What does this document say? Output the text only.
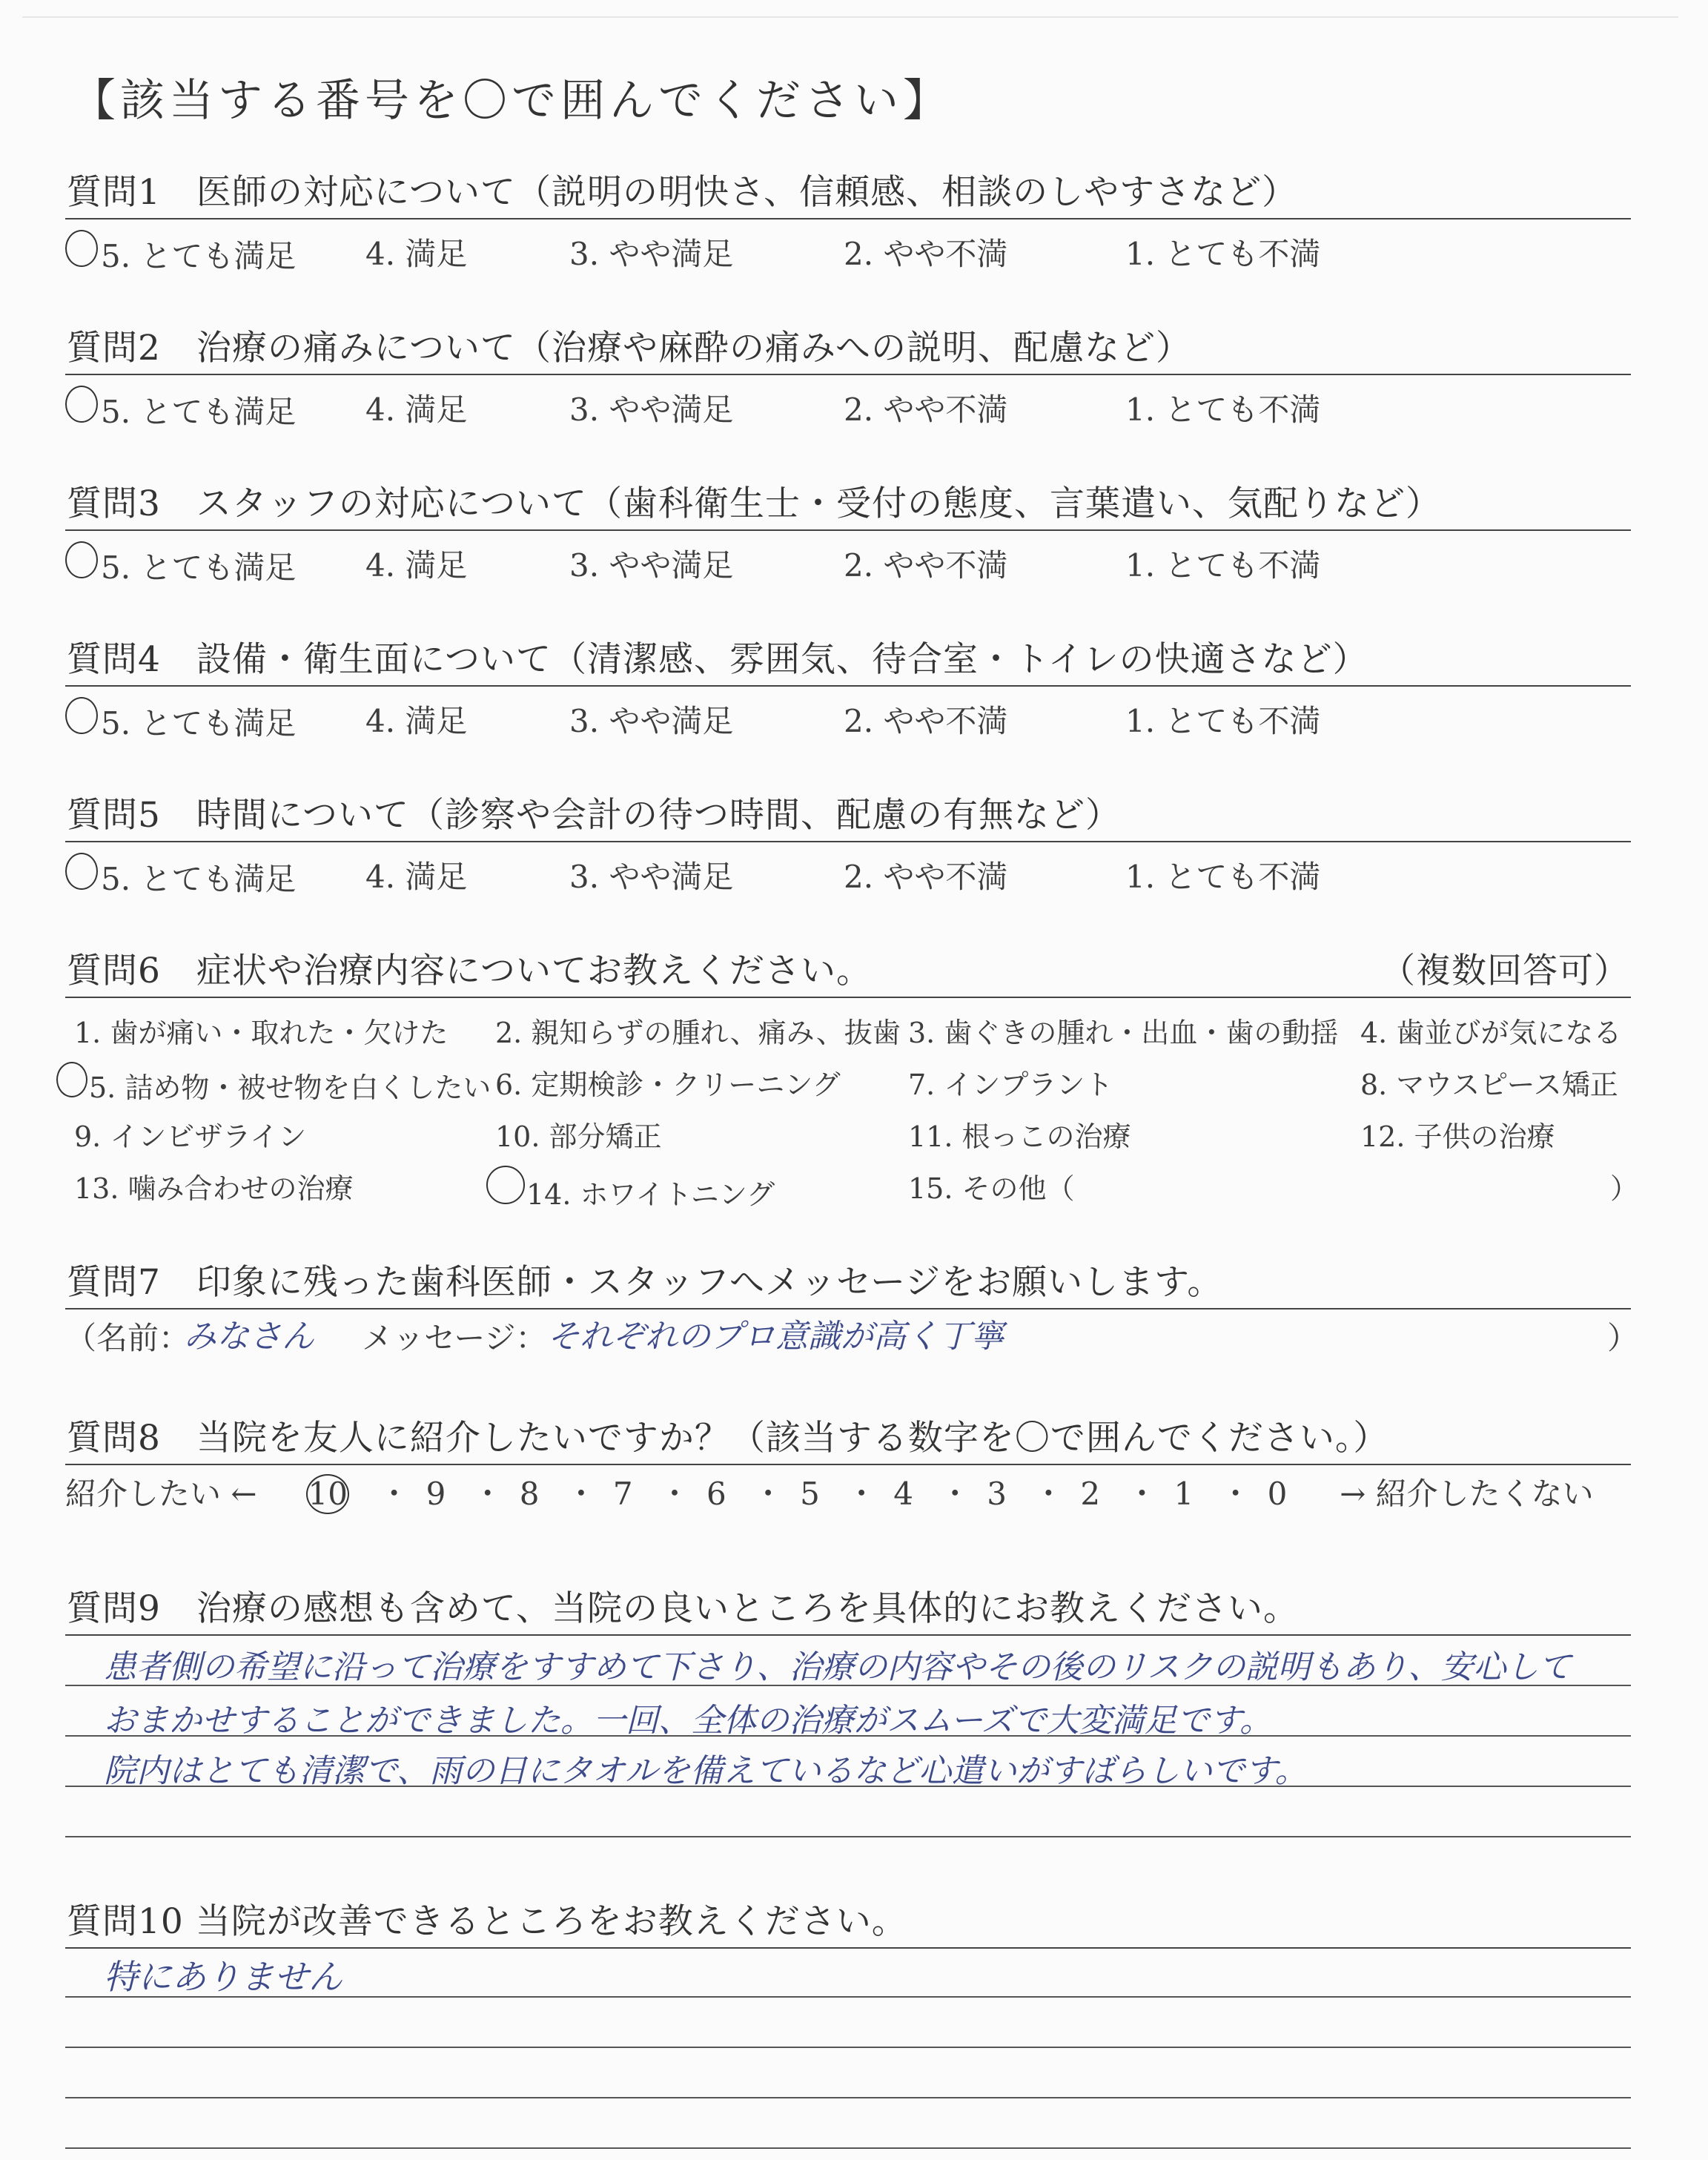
【該当する番号を〇で囲んでください】
質問1　医師の対応について（説明の明快さ、信頼感、相談のしやすさなど）
5. とても満足 4. 満足	3. やや満足	2. やや不満	1. とても不満
質問2　治療の痛みについて（治療や麻酔の痛みへの説明、配慮など）
5. とても満足 4. 満足	3. やや満足	2. やや不満	1. とても不満
質問3　スタッフの対応について（歯科衛生士・受付の態度、言葉遣い、気配りなど）
5. とても満足 4. 満足	3. やや満足	2. やや不満	1. とても不満
質問4　設備・衛生面について（清潔感、雰囲気、待合室・トイレの快適さなど）
5. とても満足 4. 満足	3. やや満足	2. やや不満	1. とても不満
質問5　時間について（診察や会計の待つ時間、配慮の有無など）
5. とても満足 4. 満足	3. やや満足	2. やや不満	1. とても不満
質問6　症状や治療内容についてお教えください。	（複数回答可）
1. 歯が痛い・取れた・欠けた 2. 親知らずの腫れ、痛み、抜歯 3. 歯ぐきの腫れ・出血・歯の動揺 4. 歯並びが気になる
5. 詰め物・被せ物を白くしたい 6. 定期検診・クリーニング 7. インプラント	8. マウスピース矯正
9. インビザライン	10. 部分矯正	11. 根っこの治療	12. 子供の治療
13. 噛み合わせの治療	14. ホワイトニング	15. その他（	）
質問7　印象に残った歯科医師・スタッフへメッセージをお願いします。
（名前：
みなさん メッセージ： それぞれのプロ意識が高く丁寧	）
質問8　当院を友人に紹介したいですか？（該当する数字を〇で囲んでください。）
紹介したい ← 10 ・ 9 ・ 8 ・ 7 ・ 6 ・ 5 ・ 4 ・ 3 ・ 2 ・ 1 ・ 0 → 紹介したくない
質問9　治療の感想も含めて、当院の良いところを具体的にお教えください。
患者側の希望に沿って治療をすすめて下さり、治療の内容やその後のリスクの説明もあり、安心して
おまかせすることができました。一回、全体の治療がスムーズで大変満足です。
院内はとても清潔で、雨の日にタオルを備えているなど心遣いがすばらしいです。
質問10 当院が改善できるところをお教えください。
特にありません
